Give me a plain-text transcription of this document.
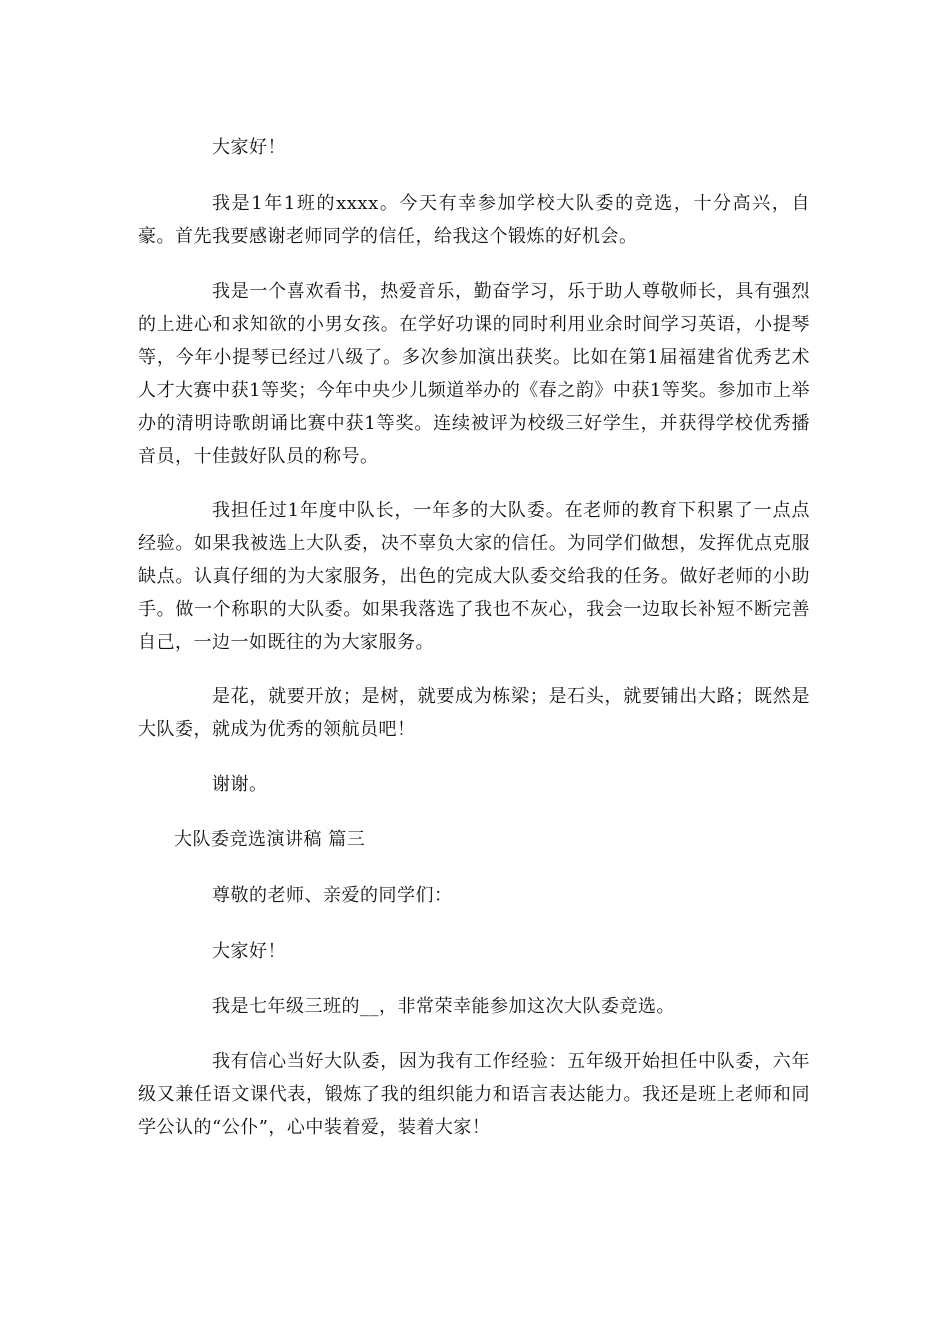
大家好！

我是1年1班的xxxx。今天有幸参加学校大队委的竞选，十分高兴，自豪。首先我要感谢老师同学的信任，给我这个锻炼的好机会。

我是一个喜欢看书，热爱音乐，勤奋学习，乐于助人尊敬师长，具有强烈的上进心和求知欲的小男女孩。在学好功课的同时利用业余时间学习英语，小提琴等，今年小提琴已经过八级了。多次参加演出获奖。比如在第1届福建省优秀艺术人才大赛中获1等奖；今年中央少儿频道举办的《春之韵》中获1等奖。参加市上举办的清明诗歌朗诵比赛中获1等奖。连续被评为校级三好学生，并获得学校优秀播音员，十佳鼓好队员的称号。

我担任过1年度中队长，一年多的大队委。在老师的教育下积累了一点点经验。如果我被选上大队委，决不辜负大家的信任。为同学们做想，发挥优点克服缺点。认真仔细的为大家服务，出色的完成大队委交给我的任务。做好老师的小助手。做一个称职的大队委。如果我落选了我也不灰心，我会一边取长补短不断完善自己，一边一如既往的为大家服务。

是花，就要开放；是树，就要成为栋梁；是石头，就要铺出大路；既然是大队委，就成为优秀的领航员吧！

谢谢。

大队委竞选演讲稿 篇三

尊敬的老师、亲爱的同学们：

大家好！

我是七年级三班的__，非常荣幸能参加这次大队委竞选。

我有信心当好大队委，因为我有工作经验：五年级开始担任中队委，六年级又兼任语文课代表，锻炼了我的组织能力和语言表达能力。我还是班上老师和同学公认的“公仆”，心中装着爱，装着大家！
